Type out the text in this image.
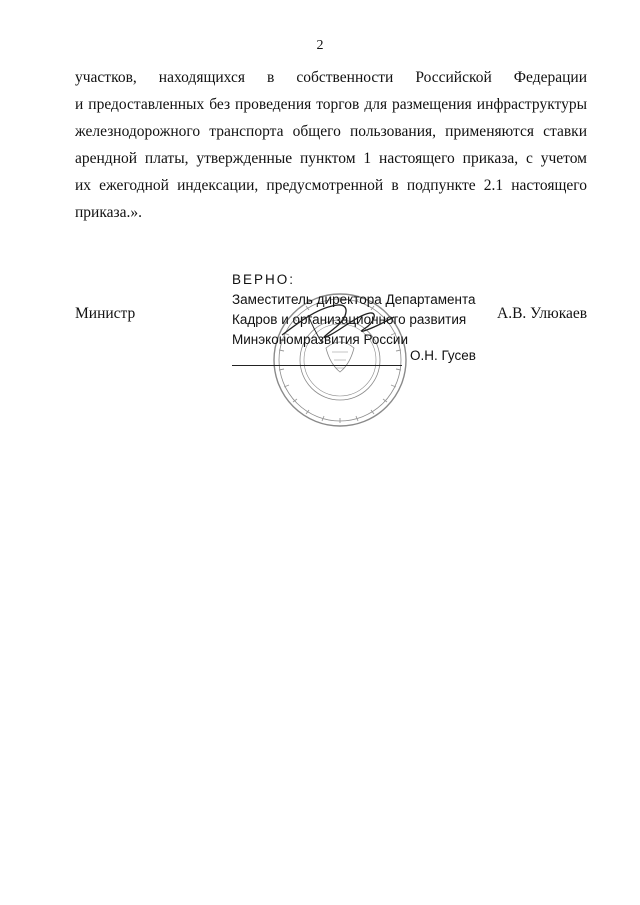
2
участков, находящихся в собственности Российской Федерации
и предоставленных без проведения торгов для размещения инфраструктуры
железнодорожного транспорта общего пользования, применяются ставки
арендной платы, утвержденные пунктом 1 настоящего приказа, с учетом
их ежегодной индексации, предусмотренной в подпункте 2.1 настоящего
приказа.».
Министр	А.В. Улюкаев
ВЕРНО:
Заместитель директора Департамента
Кадров и организационного развития
Минэкономразвития России
О.Н. Гусев
